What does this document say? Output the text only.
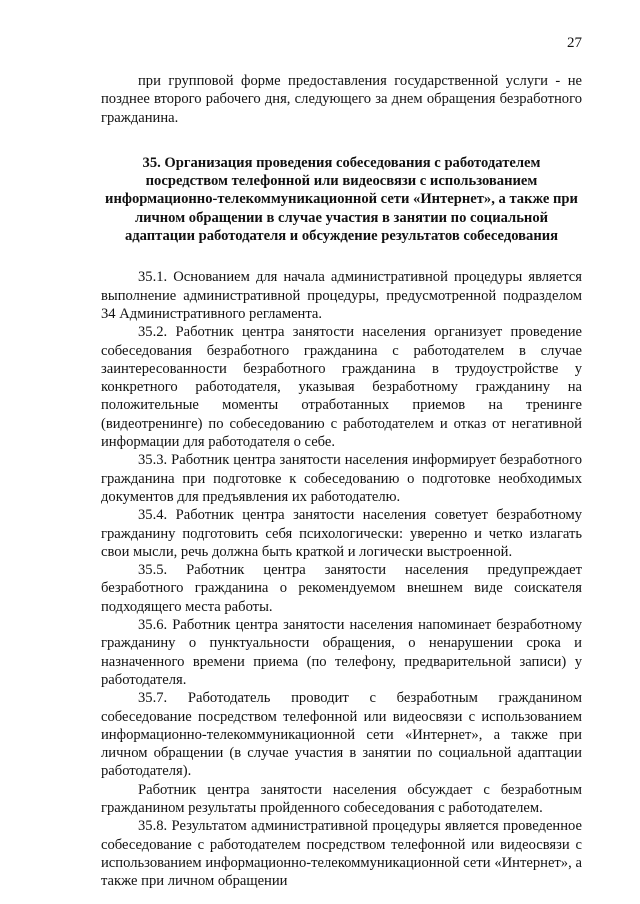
27

при групповой форме предоставления государственной услуги - не позднее второго рабочего дня, следующего за днем обращения безработного гражданина.

35. Организация проведения собеседования с работодателем посредством телефонной или видеосвязи с использованием информационно-телекоммуникационной сети «Интернет», а также при личном обращении в случае участия в занятии по социальной адаптации работодателя и обсуждение результатов собеседования

35.1. Основанием для начала административной процедуры является выполнение административной процедуры, предусмотренной подразделом 34 Административного регламента.

35.2. Работник центра занятости населения организует проведение собеседования безработного гражданина с работодателем в случае заинтересованности безработного гражданина в трудоустройстве у конкретного работодателя, указывая безработному гражданину на положительные моменты отработанных приемов на тренинге (видеотренинге) по собеседованию с работодателем и отказ от негативной информации для работодателя о себе.

35.3. Работник центра занятости населения информирует безработного гражданина при подготовке к собеседованию о подготовке необходимых документов для предъявления их работодателю.

35.4. Работник центра занятости населения советует безработному гражданину подготовить себя психологически: уверенно и четко излагать свои мысли, речь должна быть краткой и логически выстроенной.

35.5. Работник центра занятости населения предупреждает безработного гражданина о рекомендуемом внешнем виде соискателя подходящего места работы.

35.6. Работник центра занятости населения напоминает безработному гражданину о пунктуальности обращения, о ненарушении срока и назначенного времени приема (по телефону, предварительной записи) у работодателя.

35.7. Работодатель проводит с безработным гражданином собеседование посредством телефонной или видеосвязи с использованием информационно-телекоммуникационной сети «Интернет», а также при личном обращении (в случае участия в занятии по социальной адаптации работодателя).

Работник центра занятости населения обсуждает с безработным гражданином результаты пройденного собеседования с работодателем.

35.8. Результатом административной процедуры является проведенное собеседование с работодателем посредством телефонной или видеосвязи с использованием информационно-телекоммуникационной сети «Интернет», а также при личном обращении
